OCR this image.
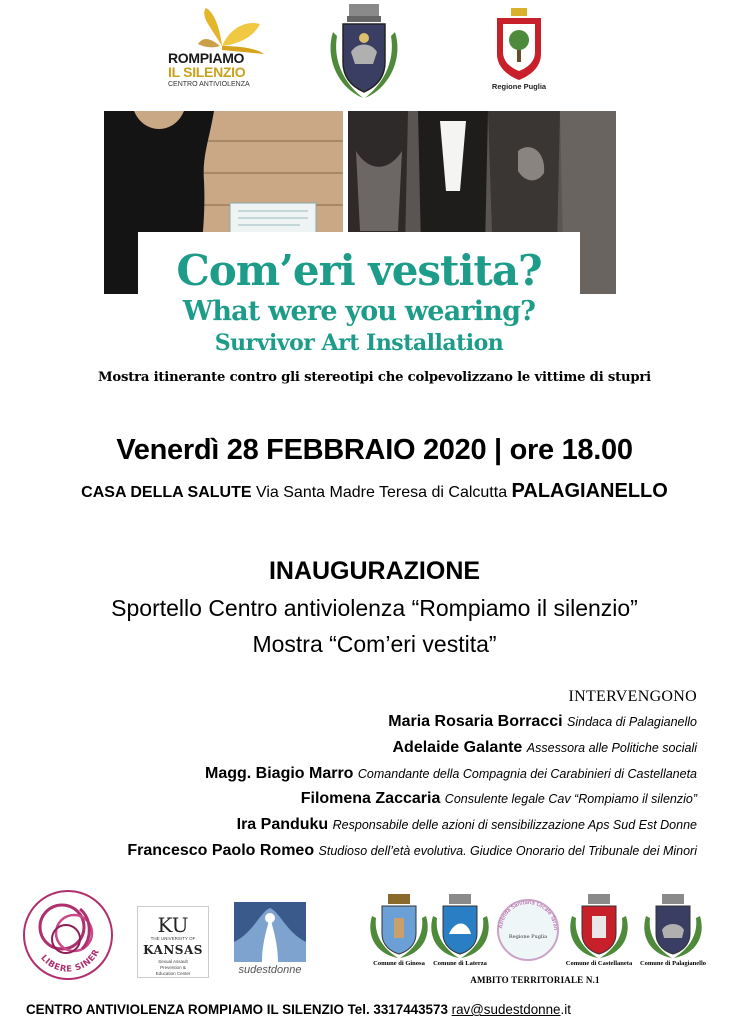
ROMPIAMO
IL SILENZIO
CENTRO ANTIVIOLENZA	Regione Puglia
Com’eri vestita?
What were you wearing?
Survivor Art Installation
Mostra itinerante contro gli stereotipi che colpevolizzano le vittime di stupri
Venerdì 28 FEBBRAIO 2020 | ore 18.00
CASA DELLA SALUTE Via Santa Madre Teresa di Calcutta PALAGIANELLO
INAUGURAZIONE
Sportello Centro antiviolenza “Rompiamo il silenzio”
Mostra “Com’eri vestita”
INTERVENGONO
Maria Rosaria Borracci Sindaca di Palagianello
Adelaide Galante Assessora alle Politiche sociali
Magg. Biagio Marro Comandante della Compagnia dei Carabinieri di Castellaneta
Filomena Zaccaria Consulente legale Cav “Rompiamo il silenzio”
Ira Panduku Responsabile delle azioni di sensibilizzazione Aps Sud Est Donne
Francesco Paolo Romeo Studioso dell’età evolutiva. Giudice Onorario del Tribunale dei Minori
LIBERE SINER
KU
THE UNIVERSITY OF
KANSAS
Sexual Assault
Prevention &
Education Center	sudestdonne
Comune di Ginosa	Comune di Laterza
Azienda Sanitaria Locale Taran
Regione Puglia
Comune di Castellaneta	Comune di Palagianello
AMBITO TERRITORIALE N.1
CENTRO ANTIVIOLENZA ROMPIAMO IL SILENZIO Tel. 3317443573 rav@sudestdonne.it
